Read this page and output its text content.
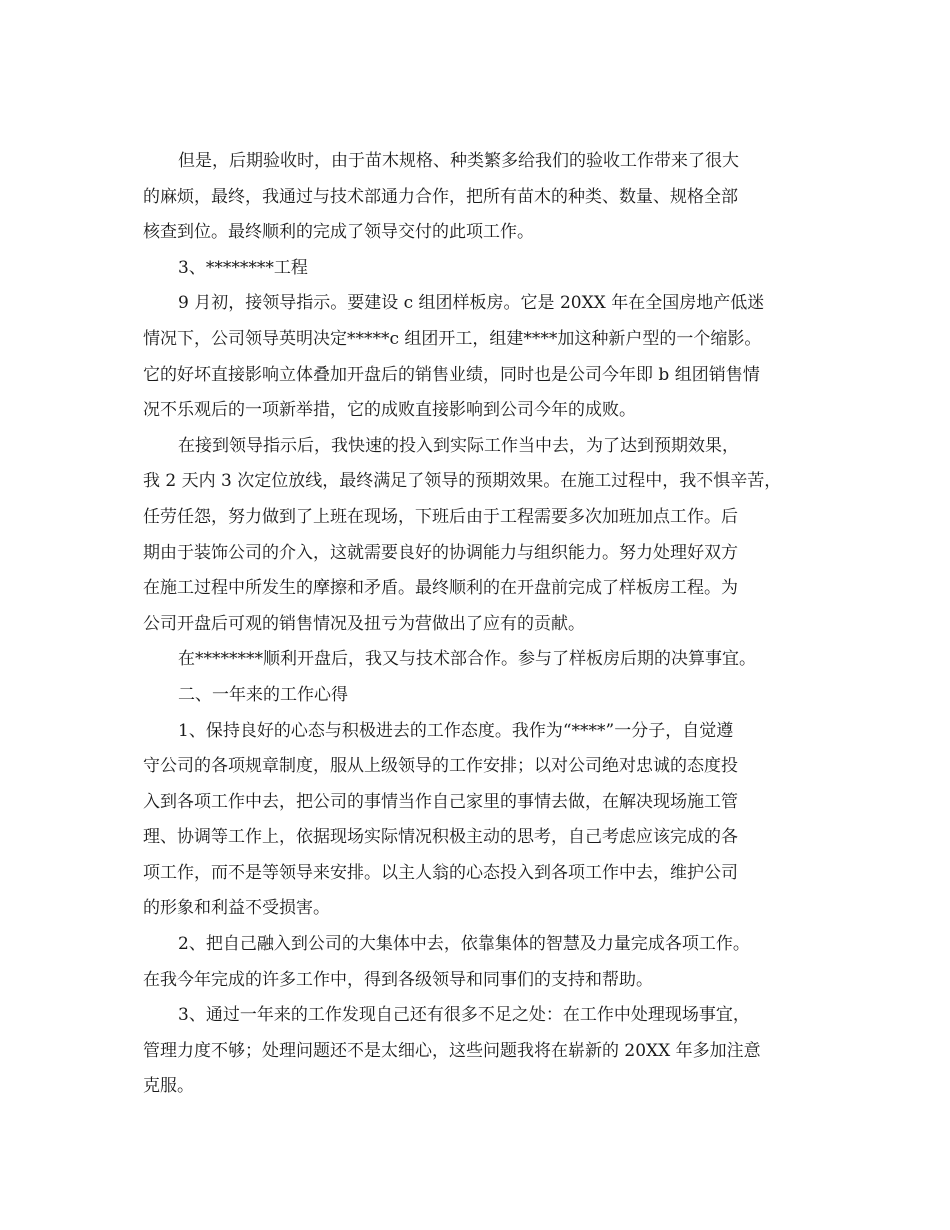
但是，后期验收时，由于苗木规格、种类繁多给我们的验收工作带来了很大
的麻烦，最终，我通过与技术部通力合作，把所有苗木的种类、数量、规格全部
核查到位。最终顺利的完成了领导交付的此项工作。
3、********工程
9 月初，接领导指示。要建设 c 组团样板房。它是 20XX 年在全国房地产低迷
情况下，公司领导英明决定*****c 组团开工，组建****加这种新户型的一个缩影。
它的好坏直接影响立体叠加开盘后的销售业绩，同时也是公司今年即 b 组团销售情
况不乐观后的一项新举措，它的成败直接影响到公司今年的成败。
在接到领导指示后，我快速的投入到实际工作当中去，为了达到预期效果，
我 2 天内 3 次定位放线，最终满足了领导的预期效果。在施工过程中，我不惧辛苦，
任劳任怨，努力做到了上班在现场，下班后由于工程需要多次加班加点工作。后
期由于装饰公司的介入，这就需要良好的协调能力与组织能力。努力处理好双方
在施工过程中所发生的摩擦和矛盾。最终顺利的在开盘前完成了样板房工程。为
公司开盘后可观的销售情况及扭亏为营做出了应有的贡献。
在********顺利开盘后，我又与技术部合作。参与了样板房后期的决算事宜。
二、一年来的工作心得
1、保持良好的心态与积极进去的工作态度。我作为“****”一分子，自觉遵
守公司的各项规章制度，服从上级领导的工作安排；以对公司绝对忠诚的态度投
入到各项工作中去，把公司的事情当作自己家里的事情去做，在解决现场施工管
理、协调等工作上，依据现场实际情况积极主动的思考，自己考虑应该完成的各
项工作，而不是等领导来安排。以主人翁的心态投入到各项工作中去，维护公司
的形象和利益不受损害。
2、把自己融入到公司的大集体中去，依靠集体的智慧及力量完成各项工作。
在我今年完成的许多工作中，得到各级领导和同事们的支持和帮助。
3、通过一年来的工作发现自己还有很多不足之处：在工作中处理现场事宜，
管理力度不够；处理问题还不是太细心，这些问题我将在崭新的 20XX 年多加注意
克服。
